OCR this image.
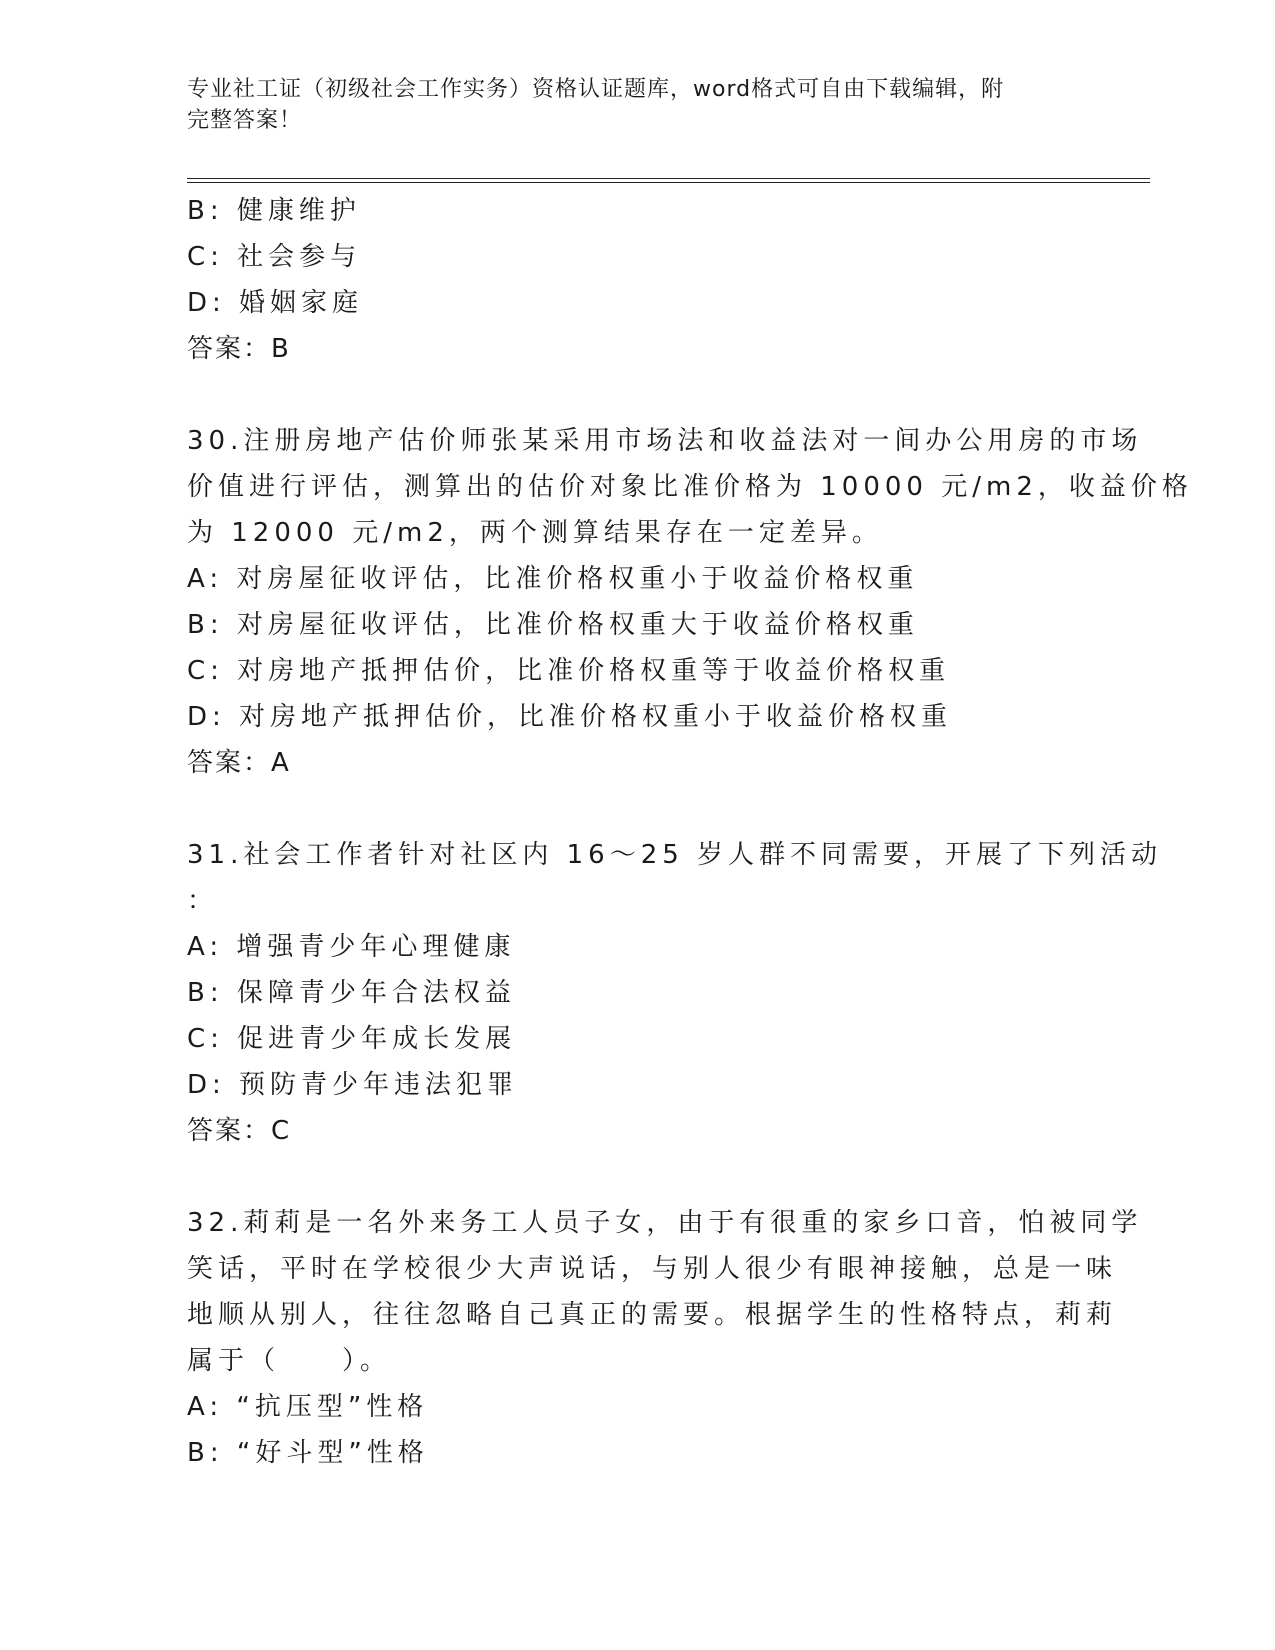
专业社工证（初级社会工作实务）资格认证题库，word格式可自由下载编辑，附
完整答案！
B: 健康维护
C: 社会参与
D: 婚姻家庭
答案：B
30.注册房地产估价师张某采用市场法和收益法对一间办公用房的市场
价值进行评估，测算出的估价对象比准价格为 10000 元/m2，收益价格
为 12000 元/m2，两个测算结果存在一定差异。
A: 对房屋征收评估，比准价格权重小于收益价格权重
B: 对房屋征收评估，比准价格权重大于收益价格权重
C: 对房地产抵押估价，比准价格权重等于收益价格权重
D: 对房地产抵押估价，比准价格权重小于收益价格权重
答案：A
31.社会工作者针对社区内 16～25 岁人群不同需要，开展了下列活动
：
A: 增强青少年心理健康
B: 保障青少年合法权益
C: 促进青少年成长发展
D: 预防青少年违法犯罪
答案：C
32.莉莉是一名外来务工人员子女，由于有很重的家乡口音，怕被同学
笑话，平时在学校很少大声说话，与别人很少有眼神接触，总是一味
地顺从别人，往往忽略自己真正的需要。根据学生的性格特点，莉莉
属于（　　）。
A: “抗压型”性格
B: “好斗型”性格
